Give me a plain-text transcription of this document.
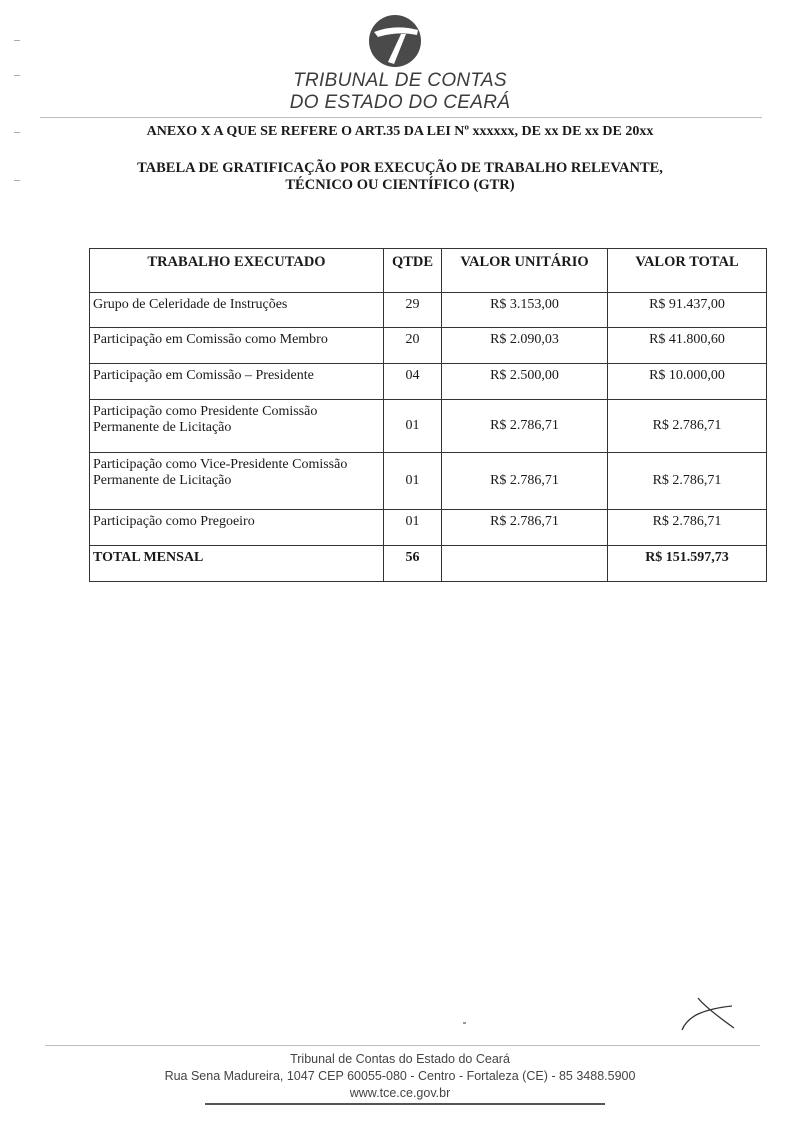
TRIBUNAL DE CONTAS
DO ESTADO DO CEARÁ
ANEXO X A QUE SE REFERE O ART.35 DA LEI Nº xxxxxx, DE xx DE xx DE 20xx
TABELA DE GRATIFICAÇÃO POR EXECUÇÃO DE TRABALHO RELEVANTE,
TÉCNICO OU CIENTÍFICO (GTR)
TRABALHO EXECUTADO	QTDE	VALOR UNITÁRIO	VALOR TOTAL
Grupo de Celeridade de Instruções	29	R$ 3.153,00	R$ 91.437,00
Participação em Comissão como Membro	20	R$ 2.090,03	R$ 41.800,60
Participação em Comissão – Presidente	04	R$ 2.500,00	R$ 10.000,00
Participação como Presidente Comissão Permanente de Licitação	01	R$ 2.786,71	R$ 2.786,71
Participação como Vice-Presidente Comissão Permanente de Licitação	01	R$ 2.786,71	R$ 2.786,71
Participação como Pregoeiro	01	R$ 2.786,71	R$ 2.786,71
TOTAL MENSAL	56		R$ 151.597,73
Tribunal de Contas do Estado do Ceará
Rua Sena Madureira, 1047 CEP 60055-080 - Centro - Fortaleza (CE) - 85 3488.5900
www.tce.ce.gov.br
